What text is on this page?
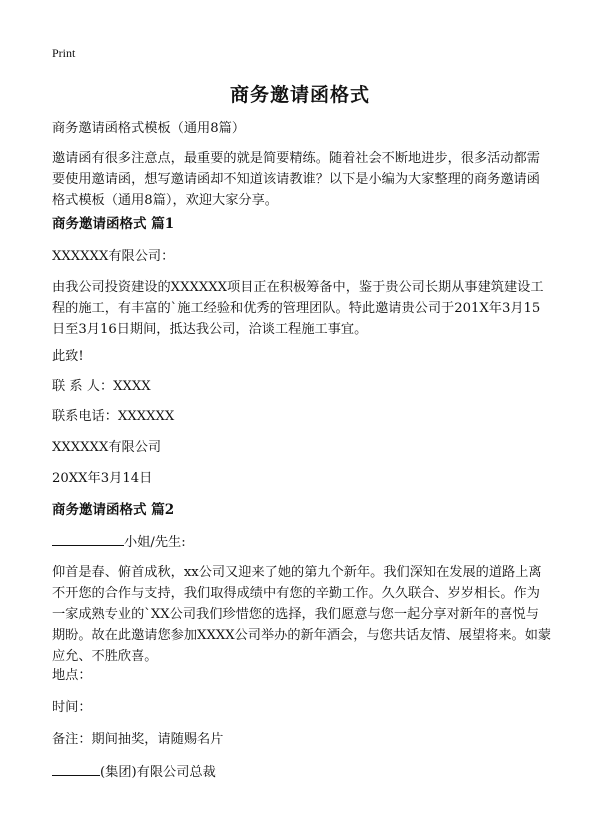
Print
商务邀请函格式
商务邀请函格式模板（通用8篇）
邀请函有很多注意点，最重要的就是简要精练。随着社会不断地进步，很多活动都需要使用邀请函，想写邀请函却不知道该请教谁？以下是小编为大家整理的商务邀请函格式模板（通用8篇），欢迎大家分享。
商务邀请函格式 篇1
XXXXXX有限公司：
由我公司投资建设的XXXXXX项目正在积极筹备中，鉴于贵公司长期从事建筑建设工程的施工，有丰富的`施工经验和优秀的管理团队。特此邀请贵公司于201X年3月15日至3月16日期间，抵达我公司，洽谈工程施工事宜。
此致!
联 系 人：XXXX
联系电话：XXXXXX
XXXXXX有限公司
20XX年3月14日
商务邀请函格式 篇2
小姐/先生:
仰首是春、俯首成秋，xx公司又迎来了她的第九个新年。我们深知在发展的道路上离不开您的合作与支持，我们取得成绩中有您的辛勤工作。久久联合、岁岁相长。作为一家成熟专业的`XX公司我们珍惜您的选择，我们愿意与您一起分享对新年的喜悦与期盼。故在此邀请您参加XXXX公司举办的新年酒会，与您共话友情、展望将来。如蒙应允、不胜欣喜。
地点：
时间：
备注：期间抽奖，请随赐名片
(集团)有限公司总裁
